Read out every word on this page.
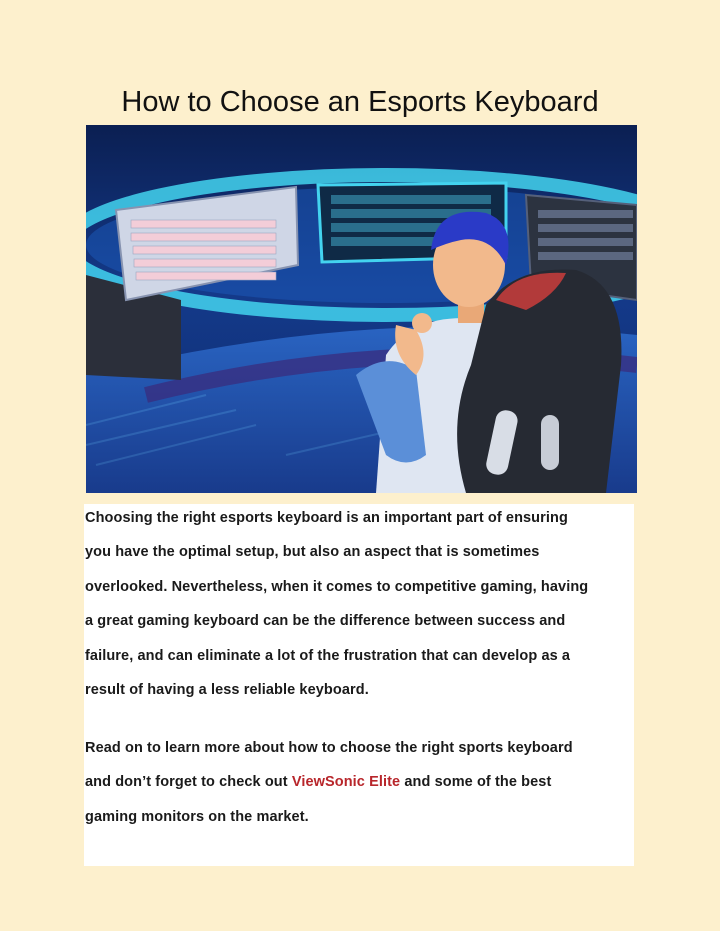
How to Choose an Esports Keyboard

Choosing the right esports keyboard is an important part of ensuring
you have the optimal setup, but also an aspect that is sometimes
overlooked. Nevertheless, when it comes to competitive gaming, having
a great gaming keyboard can be the difference between success and
failure, and can eliminate a lot of the frustration that can develop as a
result of having a less reliable keyboard.

Read on to learn more about how to choose the right sports keyboard
and don’t forget to check out ViewSonic Elite and some of the best
gaming monitors on the market.
